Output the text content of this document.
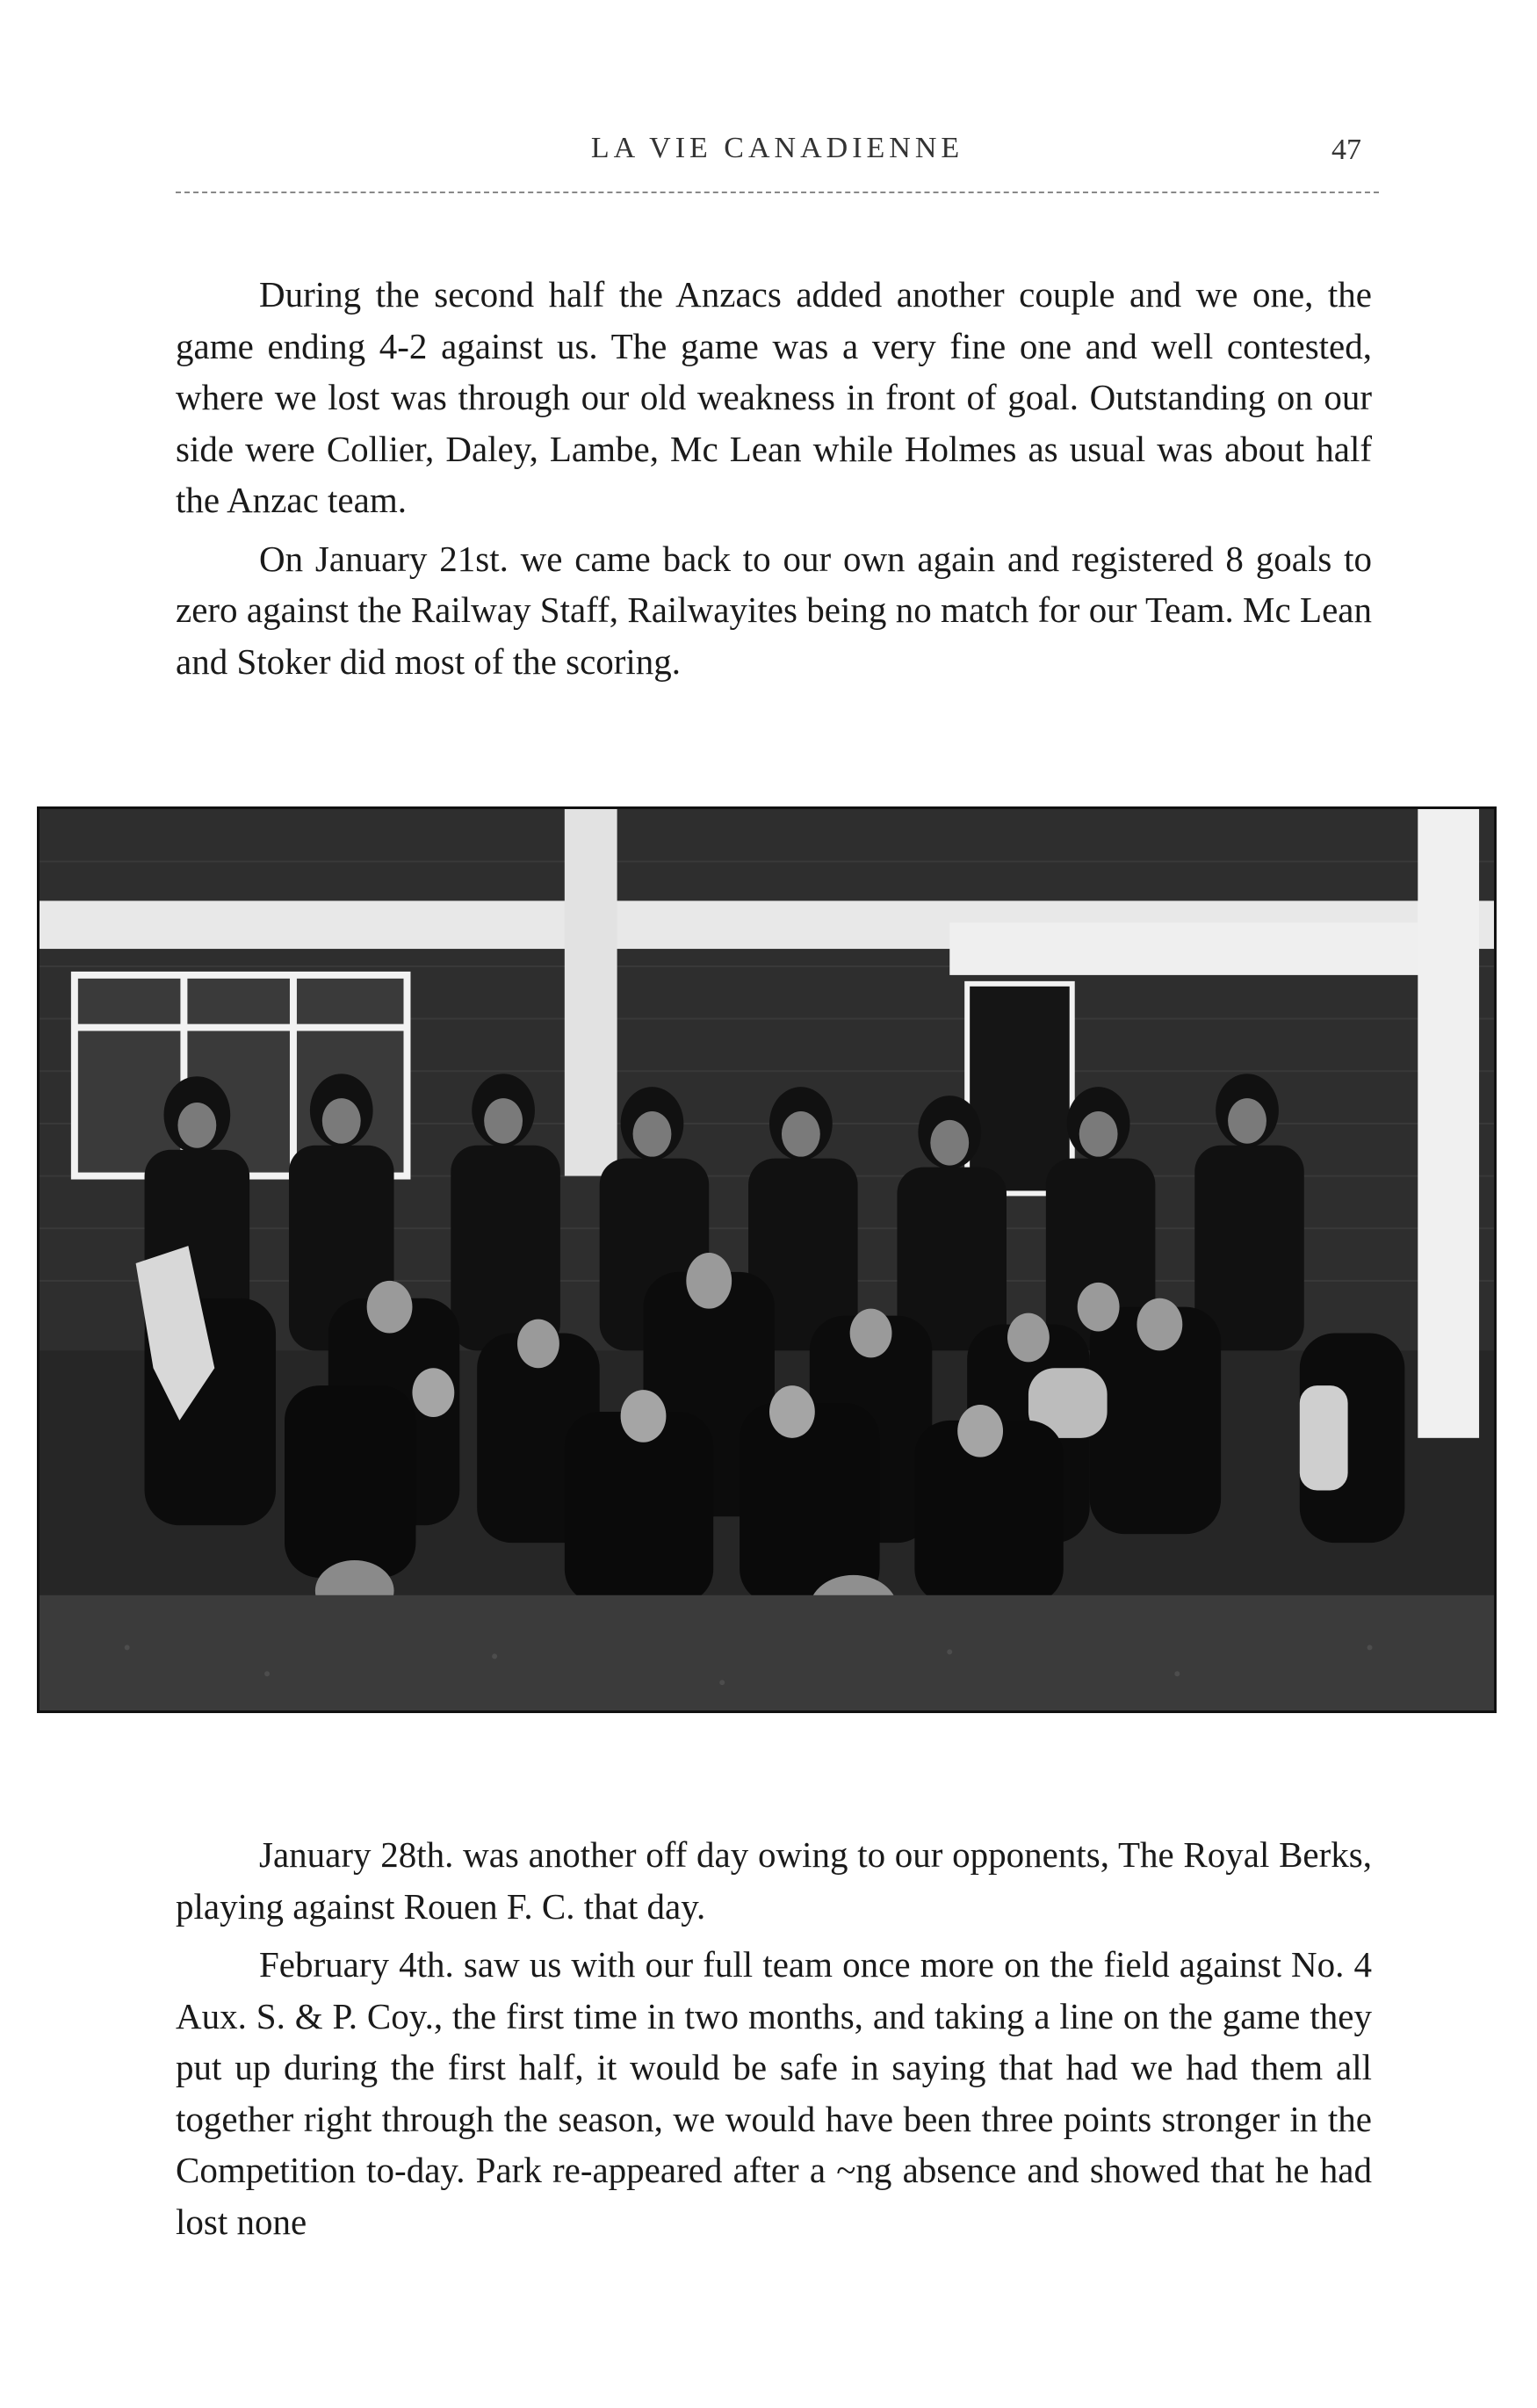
LA VIE CANADIENNE	47

During the second half the Anzacs added another couple and we one, the game ending 4-2 against us. The game was a very fine one and well contested, where we lost was through our old weakness in front of goal. Outstanding on our side were Collier, Daley, Lambe, Mc Lean while Holmes as usual was about half the Anzac team.

On January 21st. we came back to our own again and registered 8 goals to zero against the Railway Staff, Railwayites being no match for our Team. Mc Lean and Stoker did most of the scoring.

January 28th. was another off day owing to our opponents, The Royal Berks, playing against Rouen F. C. that day.

February 4th. saw us with our full team once more on the field against No. 4 Aux. S. & P. Coy., the first time in two months, and taking a line on the game they put up during the first half, it would be safe in saying that had we had them all together right through the season, we would have been three points stronger in the Competition to-day. Park re-appeared after a ~ng absence and showed that he had lost none
